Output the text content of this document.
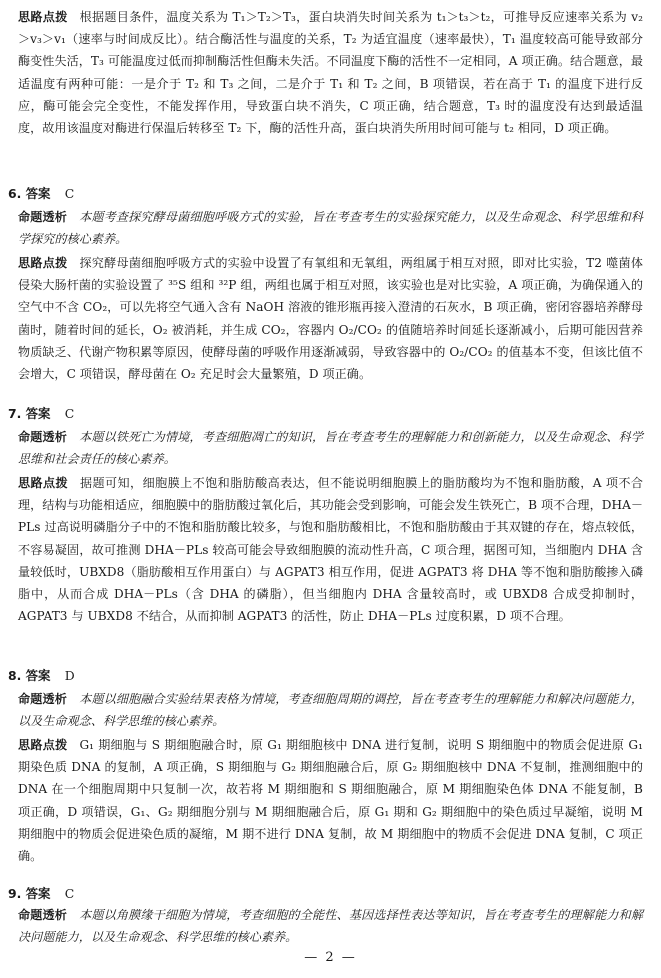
思路点拨 根据题目条件，温度关系为 T₁＞T₂＞T₃，蛋白块消失时间关系为 t₁＞t₃＞t₂，可推导反应速率关系为 v₂＞v₃＞v₁（速率与时间成反比）。结合酶活性与温度的关系，T₂ 为适宜温度（速率最快），T₁ 温度较高可能导致部分酶变性失活，T₃ 可能温度过低而抑制酶活性但酶未失活。不同温度下酶的活性不一定相同，A 项正确。结合题意，最适温度有两种可能：一是介于 T₂ 和 T₃ 之间，二是介于 T₁ 和 T₂ 之间，B 项错误，若在高于 T₁ 的温度下进行反应，酶可能会完全变性，不能发挥作用，导致蛋白块不消失，C 项正确，结合题意，T₃ 时的温度没有达到最适温度，故用该温度对酶进行保温后转移至 T₂ 下，酶的活性升高，蛋白块消失所用时间可能与 t₂ 相同，D 项正确。

6. 答案 C

命题透析 本题考查探究酵母菌细胞呼吸方式的实验，旨在考查考生的实验探究能力，以及生命观念、科学思维和科学探究的核心素养。

思路点拨 探究酵母菌细胞呼吸方式的实验中设置了有氧组和无氧组，两组属于相互对照，即对比实验，T2 噬菌体侵染大肠杆菌的实验设置了 ³⁵S 组和 ³²P 组，两组也属于相互对照，该实验也是对比实验，A 项正确，为确保通入的空气中不含 CO₂，可以先将空气通入含有 NaOH 溶液的锥形瓶再接入澄清的石灰水，B 项正确，密闭容器培养酵母菌时，随着时间的延长，O₂ 被消耗，并生成 CO₂，容器内 O₂/CO₂ 的值随培养时间延长逐渐减小，后期可能因营养物质缺乏、代谢产物积累等原因，使酵母菌的呼吸作用逐渐减弱，导致容器中的 O₂/CO₂ 的值基本不变，但该比值不会增大，C 项错误，酵母菌在 O₂ 充足时会大量繁殖，D 项正确。

7. 答案 C

命题透析 本题以铁死亡为情境，考查细胞凋亡的知识，旨在考查考生的理解能力和创新能力，以及生命观念、科学思维和社会责任的核心素养。

思路点拨 据题可知，细胞膜上不饱和脂肪酸高表达，但不能说明细胞膜上的脂肪酸均为不饱和脂肪酸，A 项不合理，结构与功能相适应，细胞膜中的脂肪酸过氧化后，其功能会受到影响，可能会发生铁死亡，B 项不合理，DHA－PLs 过高说明磷脂分子中的不饱和脂肪酸比较多，与饱和脂肪酸相比，不饱和脂肪酸由于其双键的存在，熔点较低，不容易凝固，故可推测 DHA－PLs 较高可能会导致细胞膜的流动性升高，C 项合理，据图可知，当细胞内 DHA 含量较低时，UBXD8（脂肪酸相互作用蛋白）与 AGPAT3 相互作用，促进 AGPAT3 将 DHA 等不饱和脂肪酸掺入磷脂中，从而合成 DHA－PLs（含 DHA 的磷脂），但当细胞内 DHA 含量较高时，或 UBXD8 合成受抑制时，AGPAT3 与 UBXD8 不结合，从而抑制 AGPAT3 的活性，防止 DHA－PLs 过度积累，D 项不合理。

8. 答案 D

命题透析 本题以细胞融合实验结果表格为情境，考查细胞周期的调控，旨在考查考生的理解能力和解决问题能力，以及生命观念、科学思维的核心素养。

思路点拨 G₁ 期细胞与 S 期细胞融合时，原 G₁ 期细胞核中 DNA 进行复制，说明 S 期细胞中的物质会促进原 G₁ 期染色质 DNA 的复制，A 项正确，S 期细胞与 G₂ 期细胞融合后，原 G₂ 期细胞核中 DNA 不复制，推测细胞中的 DNA 在一个细胞周期中只复制一次，故若将 M 期细胞和 S 期细胞融合，原 M 期细胞染色体 DNA 不能复制，B 项正确，D 项错误，G₁、G₂ 期细胞分别与 M 期细胞融合后，原 G₁ 期和 G₂ 期细胞中的染色质过早凝缩，说明 M 期细胞中的物质会促进染色质的凝缩，M 期不进行 DNA 复制，故 M 期细胞中的物质不会促进 DNA 复制，C 项正确。

9. 答案 C

命题透析 本题以角膜缘干细胞为情境，考查细胞的全能性、基因选择性表达等知识，旨在考查考生的理解能力和解决问题能力，以及生命观念、科学思维的核心素养。

— 2 —
